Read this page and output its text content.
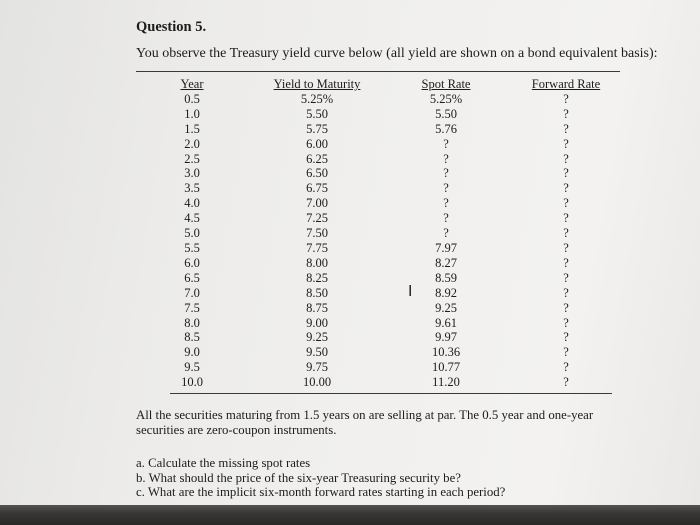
Question 5.

You observe the Treasury yield curve below (all yield are shown on a bond equivalent basis):

Year
0.5
1.0
1.5
2.0
2.5
3.0
3.5
4.0
4.5
5.0
5.5
6.0
6.5
7.0
7.5
8.0
8.5
9.0
9.5
10.0
Yield to Maturity
5.25%
5.50
5.75
6.00
6.25
6.50
6.75
7.00
7.25
7.50
7.75
8.00
8.25
8.50
8.75
9.00
9.25
9.50
9.75
10.00
Spot Rate
5.25%
5.50
5.76
?
?
?
?
?
?
?
7.97
8.27
8.59
8.92
9.25
9.61
9.97
10.36
10.77
11.20
Forward Rate
?
?
?
?
?
?
?
?
?
?
?
?
?
?
?
?
?
?
?
?
I

All the securities maturing from 1.5 years on are selling at par. The 0.5 year and one-year securities are zero-coupon instruments.

a. Calculate the missing spot rates
b. What should the price of the six-year Treasuring security be?
c. What are the implicit six-month forward rates starting in each period?
